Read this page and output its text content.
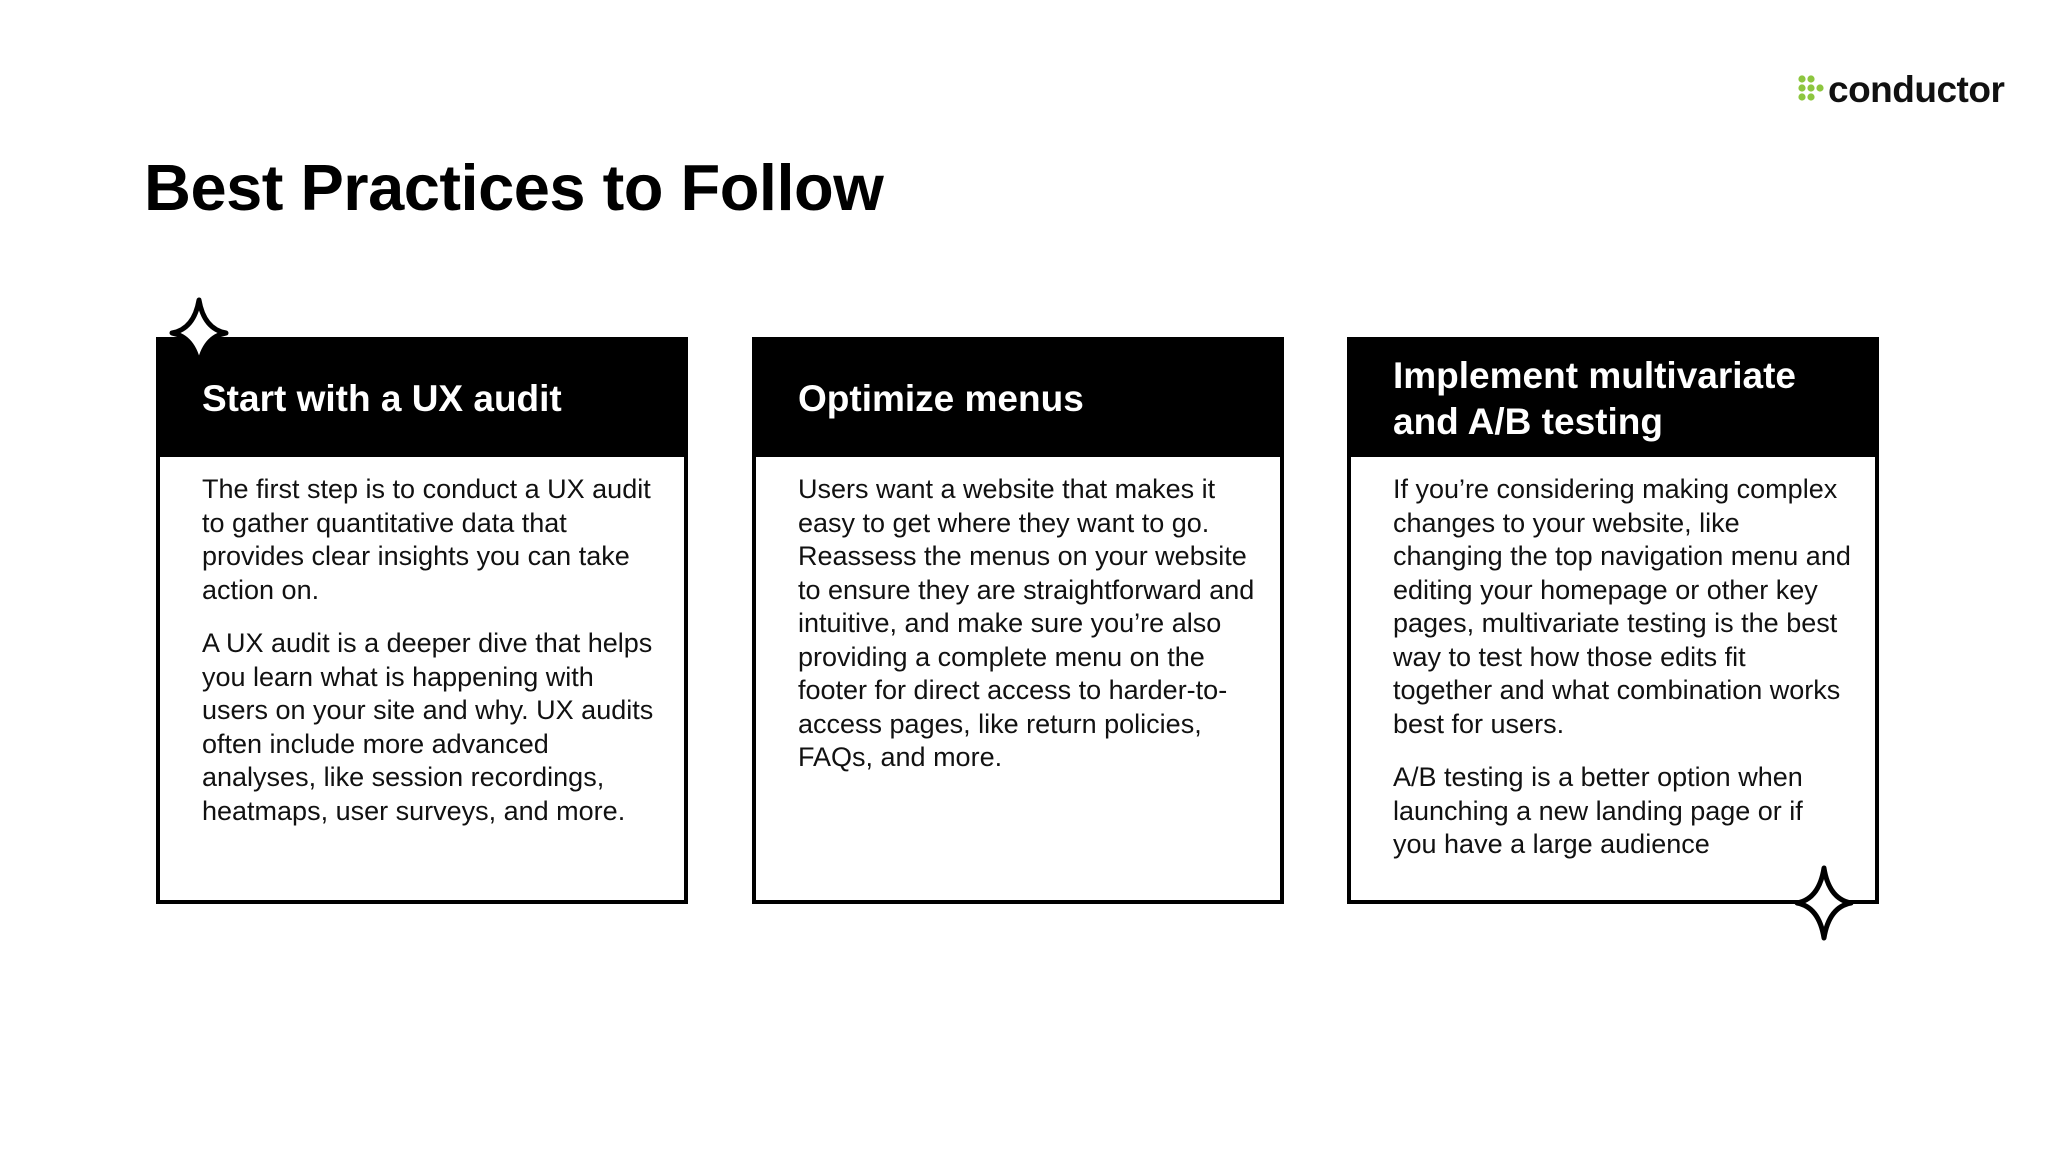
conductor
Best Practices to Follow
Start with a UX audit

The first step is to conduct a UX audit to gather quantitative data that provides clear insights you can take action on.

A UX audit is a deeper dive that helps you learn what is happening with users on your site and why. UX audits often include more advanced analyses, like session recordings, heatmaps, user surveys, and more.

Optimize menus

Users want a website that makes it easy to get where they want to go. Reassess the menus on your website to ensure they are straightforward and intuitive, and make sure you’re also providing a complete menu on the footer for direct access to harder-to-access pages, like return policies, FAQs, and more.

Implement multivariate and A/B testing

If you’re considering making complex changes to your website, like changing the top navigation menu and editing your homepage or other key pages, multivariate testing is the best way to test how those edits fit together and what combination works best for users.

A/B testing is a better option when launching a new landing page or if you have a large audience
